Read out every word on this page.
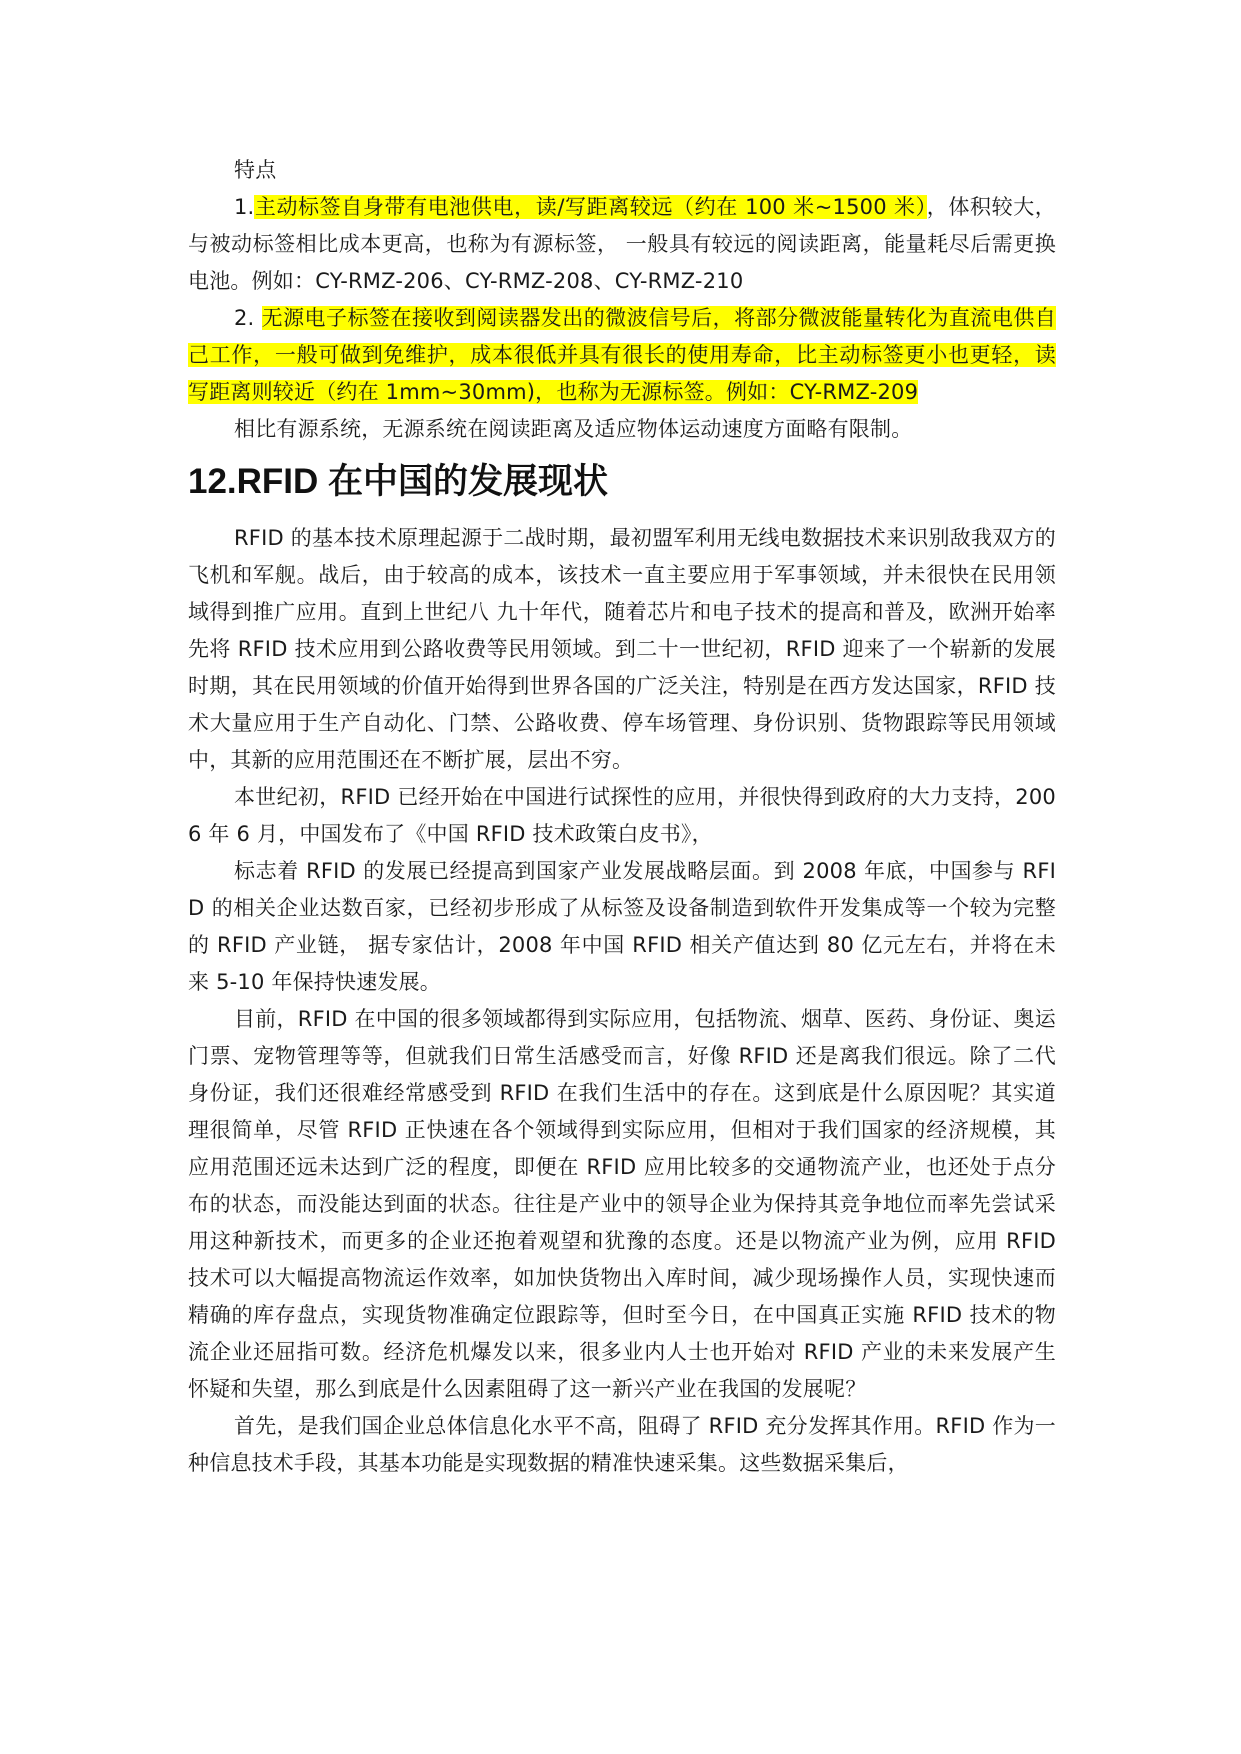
特点

1.主动标签自身带有电池供电，读/写距离较远（约在 100 米~1500 米），体积较大，与被动标签相比成本更高，也称为有源标签， 一般具有较远的阅读距离，能量耗尽后需更换电池。例如：CY-RMZ-206、CY-RMZ-208、CY-RMZ-210

2. 无源电子标签在接收到阅读器发出的微波信号后，将部分微波能量转化为直流电供自己工作，一般可做到免维护，成本很低并具有很长的使用寿命，比主动标签更小也更轻，读写距离则较近（约在 1mm~30mm)，也称为无源标签。例如：CY-RMZ-209

相比有源系统，无源系统在阅读距离及适应物体运动速度方面略有限制。

12.RFID 在中国的发展现状

RFID 的基本技术原理起源于二战时期，最初盟军利用无线电数据技术来识别敌我双方的飞机和军舰。战后，由于较高的成本，该技术一直主要应用于军事领域，并未很快在民用领域得到推广应用。直到上世纪八 九十年代，随着芯片和电子技术的提高和普及，欧洲开始率先将 RFID 技术应用到公路收费等民用领域。到二十一世纪初，RFID 迎来了一个崭新的发展时期，其在民用领域的价值开始得到世界各国的广泛关注，特别是在西方发达国家，RFID 技术大量应用于生产自动化、门禁、公路收费、停车场管理、身份识别、货物跟踪等民用领域中，其新的应用范围还在不断扩展，层出不穷。

本世纪初，RFID 已经开始在中国进行试探性的应用，并很快得到政府的大力支持，2006 年 6 月，中国发布了《中国 RFID 技术政策白皮书》，

标志着 RFID 的发展已经提高到国家产业发展战略层面。到 2008 年底，中国参与 RFID 的相关企业达数百家，已经初步形成了从标签及设备制造到软件开发集成等一个较为完整的 RFID 产业链， 据专家估计，2008 年中国 RFID 相关产值达到 80 亿元左右，并将在未来 5-10 年保持快速发展。

目前，RFID 在中国的很多领域都得到实际应用，包括物流、烟草、医药、身份证、奥运门票、宠物管理等等，但就我们日常生活感受而言，好像 RFID 还是离我们很远。除了二代身份证，我们还很难经常感受到 RFID 在我们生活中的存在。这到底是什么原因呢？其实道理很简单，尽管 RFID 正快速在各个领域得到实际应用，但相对于我们国家的经济规模，其应用范围还远未达到广泛的程度，即便在 RFID 应用比较多的交通物流产业，也还处于点分布的状态，而没能达到面的状态。往往是产业中的领导企业为保持其竞争地位而率先尝试采用这种新技术，而更多的企业还抱着观望和犹豫的态度。还是以物流产业为例，应用 RFID 技术可以大幅提高物流运作效率，如加快货物出入库时间，减少现场操作人员，实现快速而精确的库存盘点，实现货物准确定位跟踪等，但时至今日，在中国真正实施 RFID 技术的物流企业还屈指可数。经济危机爆发以来，很多业内人士也开始对 RFID 产业的未来发展产生怀疑和失望，那么到底是什么因素阻碍了这一新兴产业在我国的发展呢？

首先，是我们国企业总体信息化水平不高，阻碍了 RFID 充分发挥其作用。RFID 作为一种信息技术手段，其基本功能是实现数据的精准快速采集。这些数据采集后，
